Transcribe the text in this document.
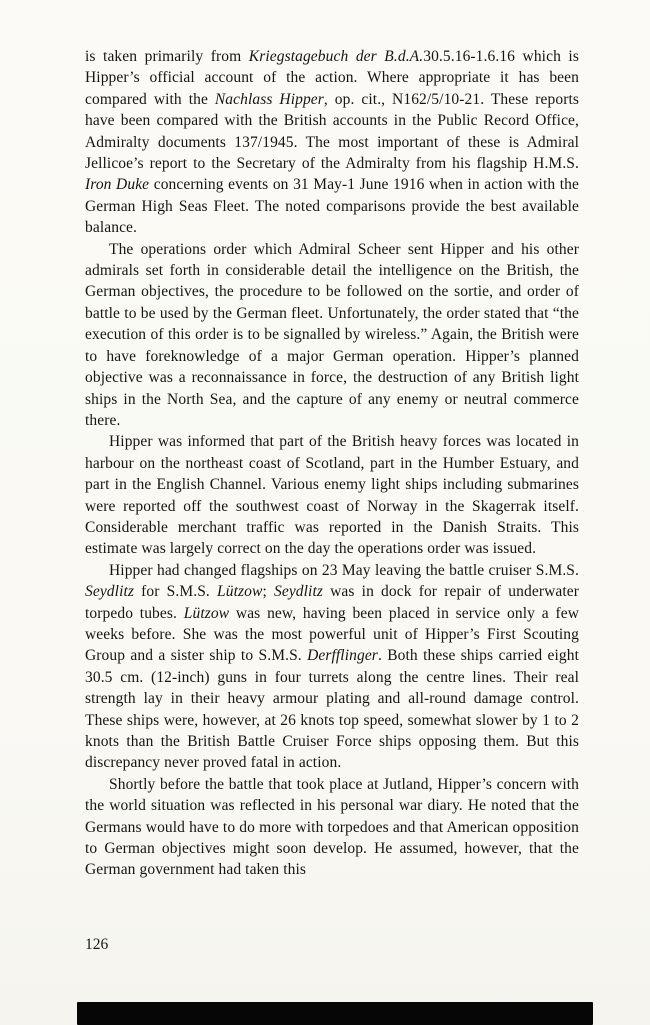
is taken primarily from Kriegstagebuch der B.d.A.30.5.16-1.6.16 which is Hipper’s official account of the action. Where appropriate it has been compared with the Nachlass Hipper, op. cit., N162/5/10-21. These reports have been compared with the British accounts in the Public Record Office, Admiralty documents 137/1945. The most important of these is Admiral Jellicoe’s report to the Secretary of the Admiralty from his flagship H.M.S. Iron Duke concerning events on 31 May-1 June 1916 when in action with the German High Seas Fleet. The noted comparisons provide the best available balance.

The operations order which Admiral Scheer sent Hipper and his other admirals set forth in considerable detail the intelligence on the British, the German objectives, the procedure to be followed on the sortie, and order of battle to be used by the German fleet. Unfortunately, the order stated that “the execution of this order is to be signalled by wireless.” Again, the British were to have foreknowledge of a major German operation. Hipper’s planned objective was a reconnaissance in force, the destruction of any British light ships in the North Sea, and the capture of any enemy or neutral commerce there.

Hipper was informed that part of the British heavy forces was located in harbour on the northeast coast of Scotland, part in the Humber Estuary, and part in the English Channel. Various enemy light ships including submarines were reported off the southwest coast of Norway in the Skagerrak itself. Considerable merchant traffic was reported in the Danish Straits. This estimate was largely correct on the day the operations order was issued.

Hipper had changed flagships on 23 May leaving the battle cruiser S.M.S. Seydlitz for S.M.S. Lützow; Seydlitz was in dock for repair of underwater torpedo tubes. Lützow was new, having been placed in service only a few weeks before. She was the most powerful unit of Hipper’s First Scouting Group and a sister ship to S.M.S. Derfflinger. Both these ships carried eight 30.5 cm. (12-inch) guns in four turrets along the centre lines. Their real strength lay in their heavy armour plating and all-round damage control. These ships were, however, at 26 knots top speed, somewhat slower by 1 to 2 knots than the British Battle Cruiser Force ships opposing them. But this discrepancy never proved fatal in action.

Shortly before the battle that took place at Jutland, Hipper’s concern with the world situation was reflected in his personal war diary. He noted that the Germans would have to do more with torpedoes and that American opposition to German objectives might soon develop. He assumed, however, that the German government had taken this

126
